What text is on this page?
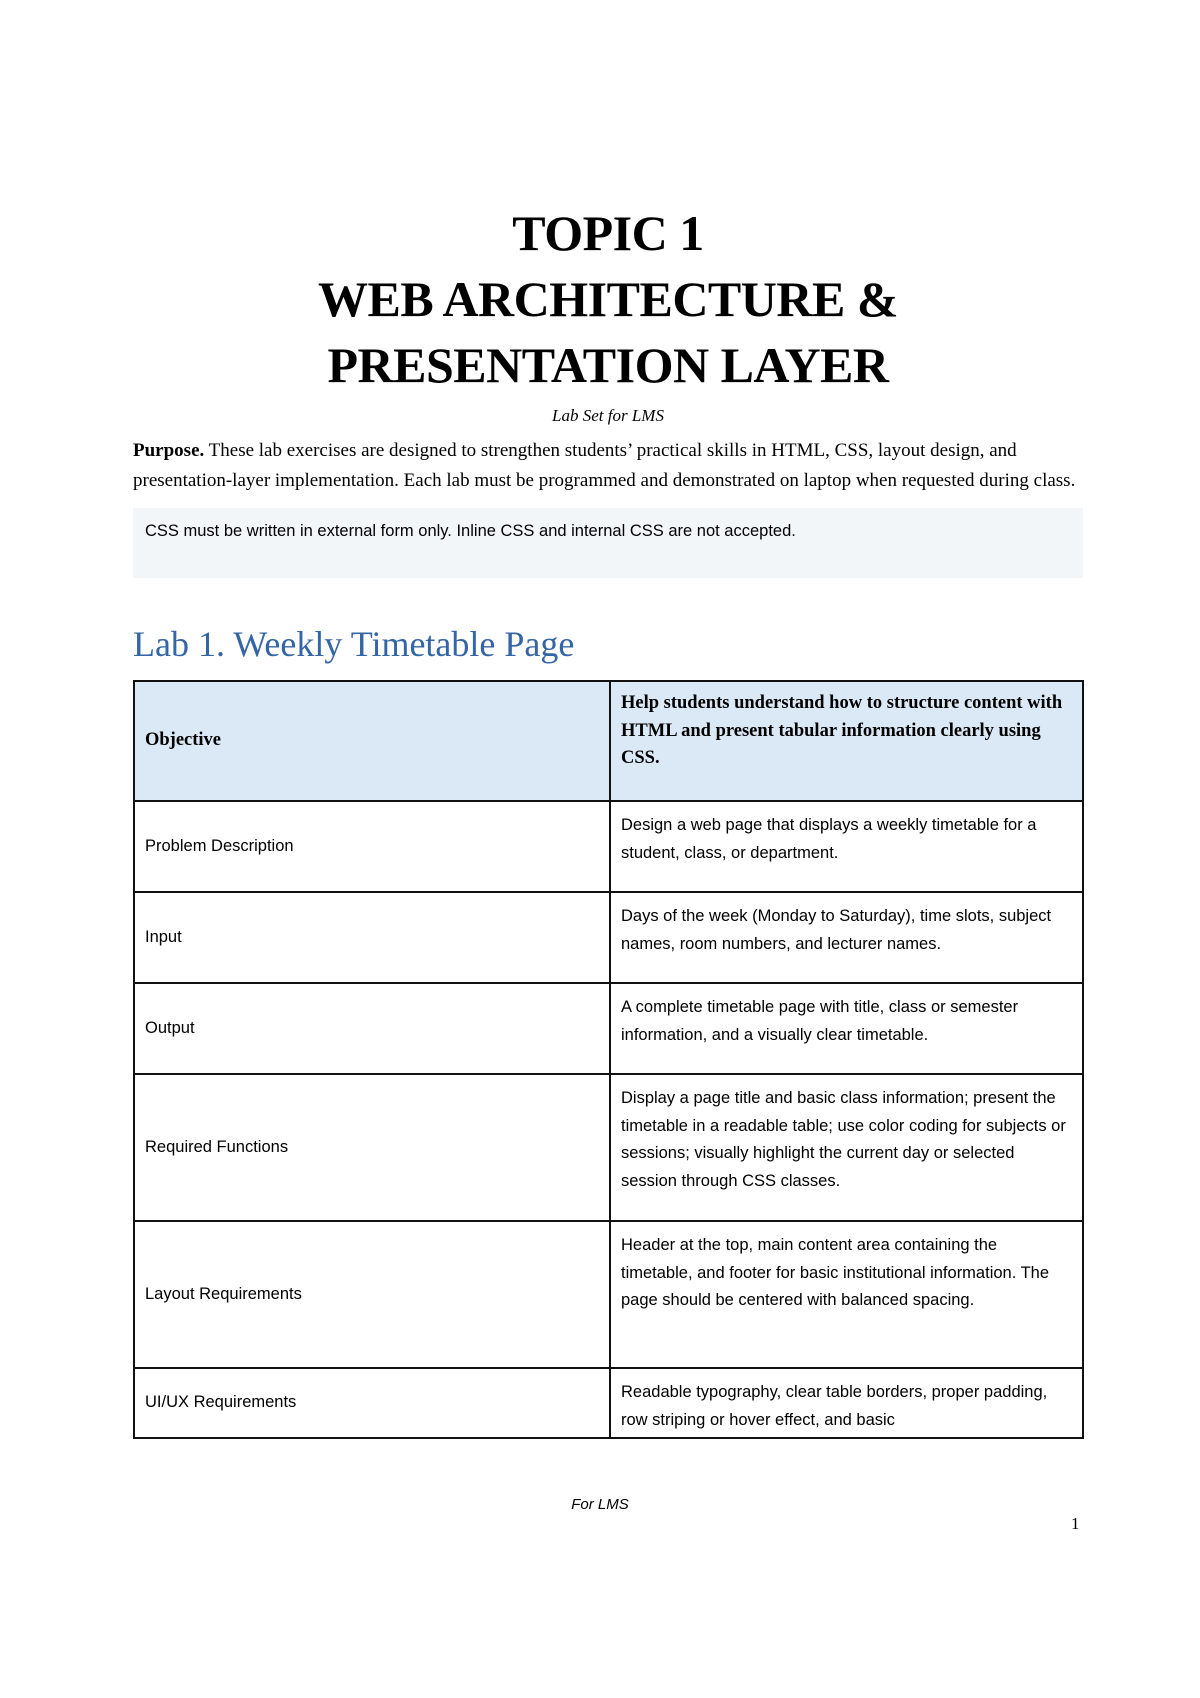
TOPIC 1
WEB ARCHITECTURE &
PRESENTATION LAYER
Lab Set for LMS

Purpose. These lab exercises are designed to strengthen students’ practical skills in HTML, CSS, layout design, and presentation-layer implementation. Each lab must be programmed and demonstrated on laptop when requested during class.

CSS must be written in external form only. Inline CSS and internal CSS are not accepted.
Lab 1. Weekly Timetable Page
Objective	Help students understand how to structure content with HTML and present tabular information clearly using CSS.
Problem Description	Design a web page that displays a weekly timetable for a student, class, or department.
Input	Days of the week (Monday to Saturday), time slots, subject names, room numbers, and lecturer names.
Output	A complete timetable page with title, class or semester information, and a visually clear timetable.
Required Functions	Display a page title and basic class information; present the timetable in a readable table; use color coding for subjects or sessions; visually highlight the current day or selected session through CSS classes.
Layout Requirements	Header at the top, main content area containing the timetable, and footer for basic institutional information. The page should be centered with balanced spacing.
UI/UX Requirements	Readable typography, clear table borders, proper padding, row striping or hover effect, and basic
For LMS
1
